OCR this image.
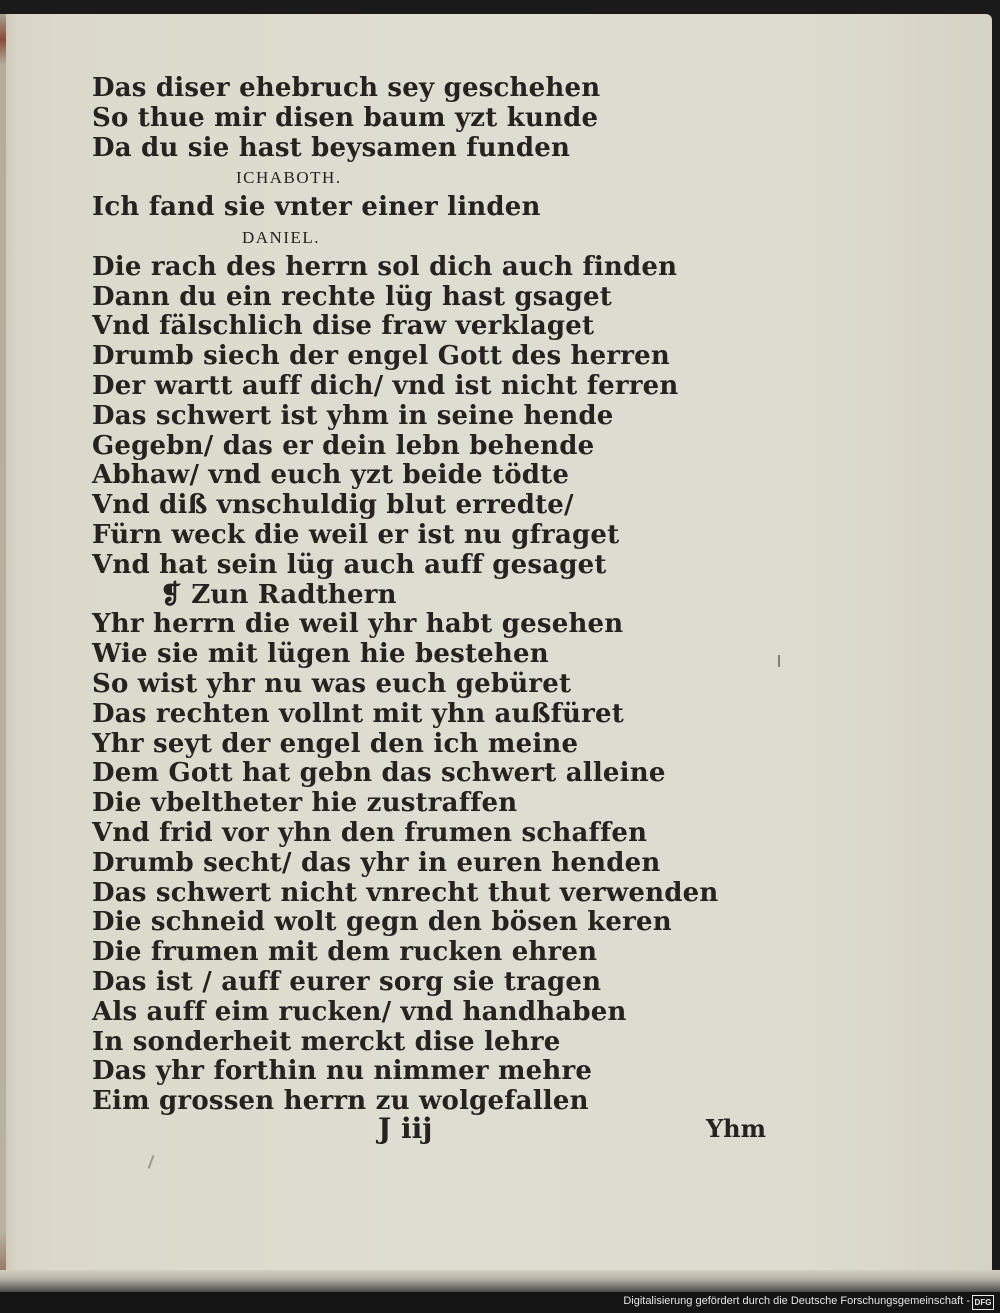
Das diser ehebruch sey geschehen
So thue mir disen baum yzt kunde
Da du sie hast beysamen funden
ICHABOTH.
Ich fand sie vnter einer linden
DANIEL.
Die rach des herrn sol dich auch finden
Dann du ein rechte lüg hast gsaget
Vnd fälschlich dise fraw verklaget
Drumb siech der engel Gott des herren
Der wartt auff dich/ vnd ist nicht ferren
Das schwert ist yhm in seine hende
Gegebn/ das er dein lebn behende
Abhaw/ vnd euch yzt beide tödte
Vnd diß vnschuldig blut erredte/
Fürn weck die weil er ist nu gfraget
Vnd hat sein lüg auch auff gesaget
❡ Zun Radthern
Yhr herrn die weil yhr habt gesehen
Wie sie mit lügen hie bestehen
So wist yhr nu was euch gebüret
Das rechten vollnt mit yhn außfüret
Yhr seyt der engel den ich meine
Dem Gott hat gebn das schwert alleine
Die vbeltheter hie zustraffen
Vnd frid vor yhn den frumen schaffen
Drumb secht/ das yhr in euren henden
Das schwert nicht vnrecht thut verwenden
Die schneid wolt gegn den bösen keren
Die frumen mit dem rucken ehren
Das ist / auff eurer sorg sie tragen
Als auff eim rucken/ vnd handhaben
In sonderheit merckt dise lehre
Das yhr forthin nu nimmer mehre
Eim grossen herrn zu wolgefallen
J iij	Yhm
Digitalisierung gefördert durch die Deutsche Forschungsgemeinschaft - DFG
